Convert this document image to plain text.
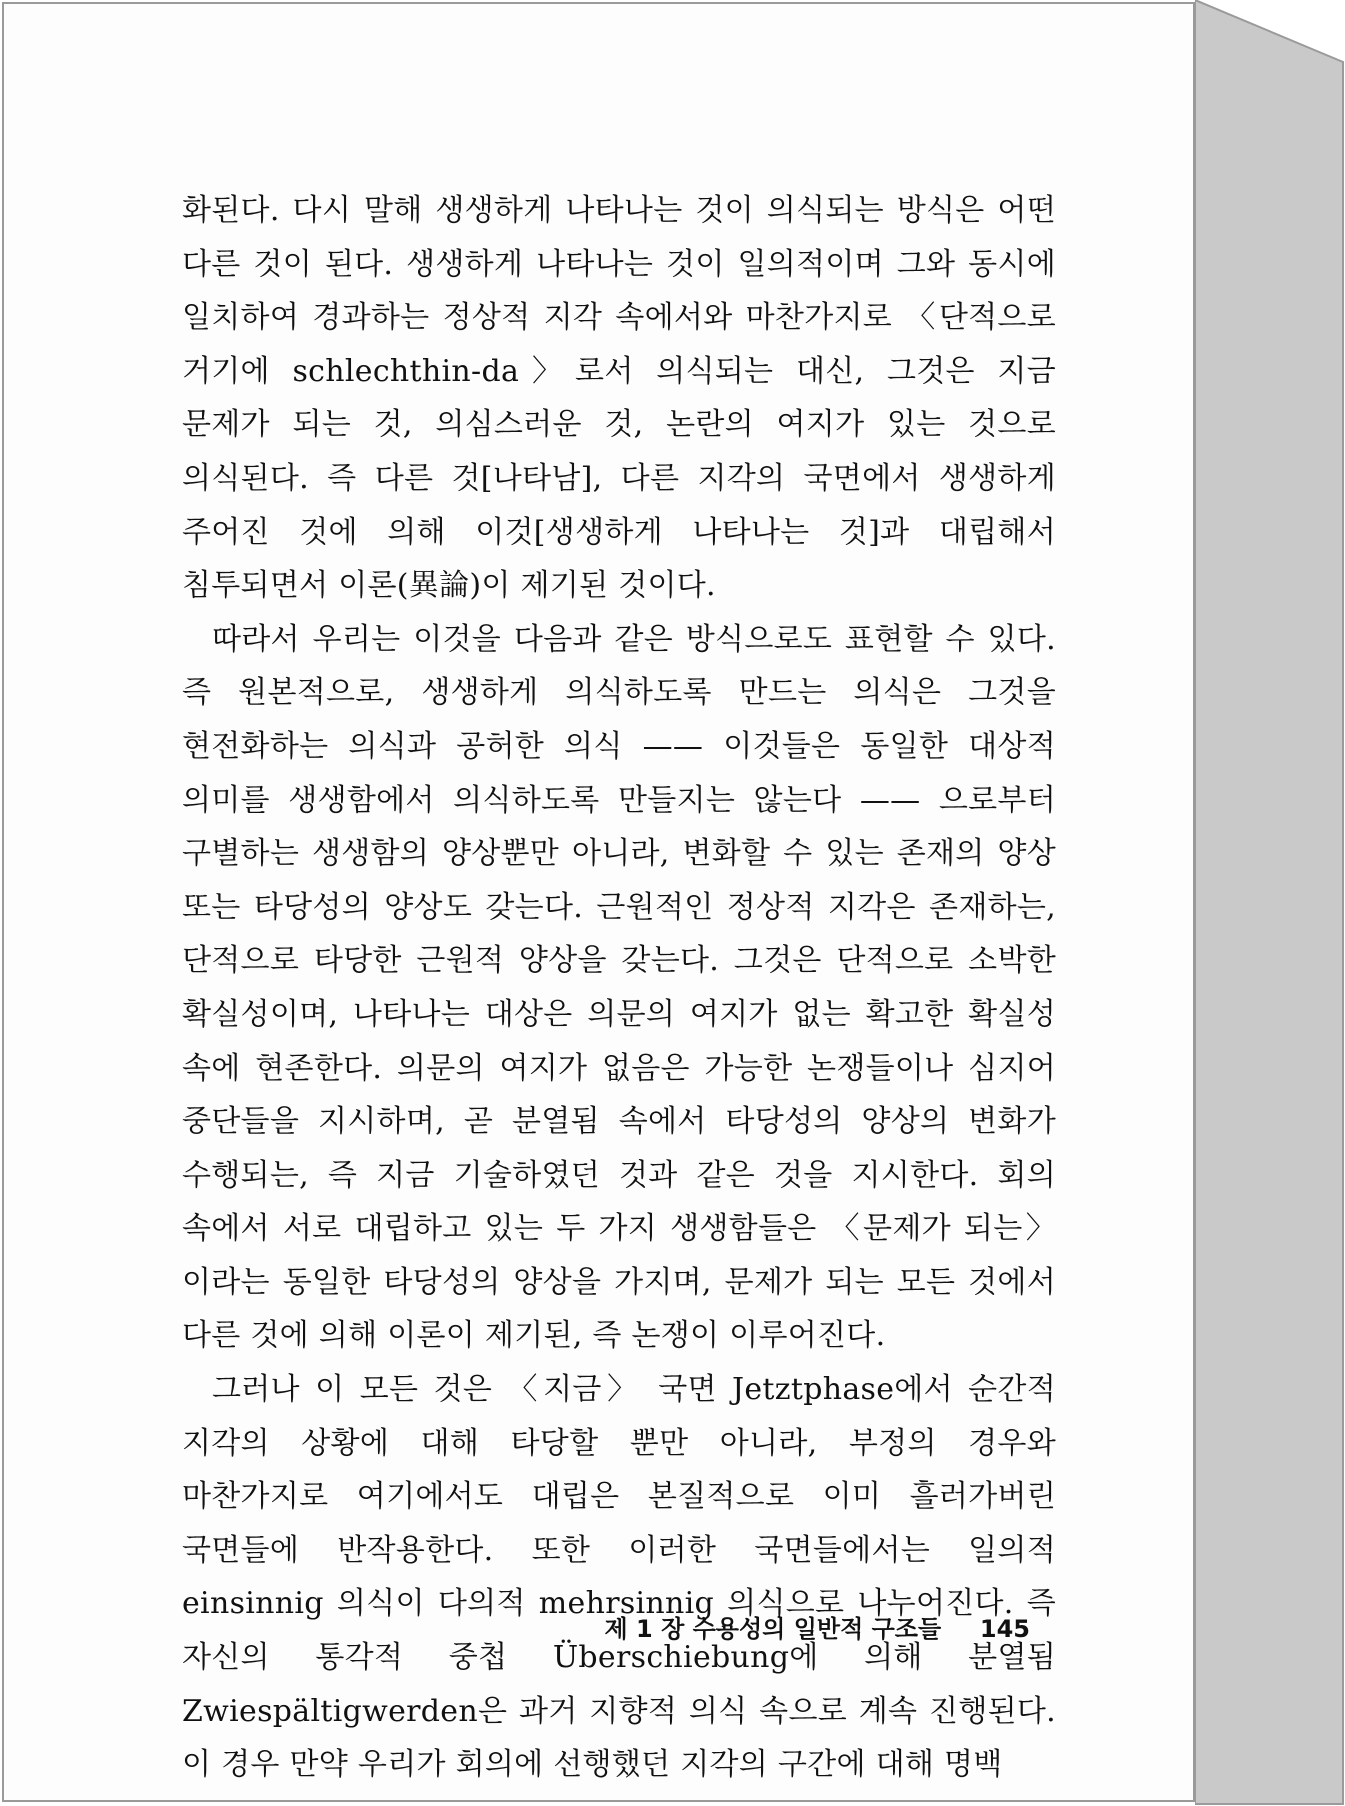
화된다. 다시 말해 생생하게 나타나는 것이 의식되는 방식은 어떤 다른 것이 된다. 생생하게 나타나는 것이 일의적이며 그와 동시에 일치하여 경과하는 정상적 지각 속에서와 마찬가지로 〈단적으로 거기에 schlechthin-da〉로서 의식되는 대신, 그것은 지금 문제가 되는 것, 의심스러운 것, 논란의 여지가 있는 것으로 의식된다. 즉 다른 것[나타남], 다른 지각의 국면에서 생생하게 주어진 것에 의해 이것[생생하게 나타나는 것]과 대립해서 침투되면서 이론(異論)이 제기된 것이다.

따라서 우리는 이것을 다음과 같은 방식으로도 표현할 수 있다. 즉 원본적으로, 생생하게 의식하도록 만드는 의식은 그것을 현전화하는 의식과 공허한 의식 —— 이것들은 동일한 대상적 의미를 생생함에서 의식하도록 만들지는 않는다 —— 으로부터 구별하는 생생함의 양상뿐만 아니라, 변화할 수 있는 존재의 양상 또는 타당성의 양상도 갖는다. 근원적인 정상적 지각은 존재하는, 단적으로 타당한 근원적 양상을 갖는다. 그것은 단적으로 소박한 확실성이며, 나타나는 대상은 의문의 여지가 없는 확고한 확실성 속에 현존한다. 의문의 여지가 없음은 가능한 논쟁들이나 심지어 중단들을 지시하며, 곧 분열됨 속에서 타당성의 양상의 변화가 수행되는, 즉 지금 기술하였던 것과 같은 것을 지시한다. 회의 속에서 서로 대립하고 있는 두 가지 생생함들은 〈문제가 되는〉이라는 동일한 타당성의 양상을 가지며, 문제가 되는 모든 것에서 다른 것에 의해 이론이 제기된, 즉 논쟁이 이루어진다.

그러나 이 모든 것은 〈지금〉 국면 Jetztphase에서 순간적 지각의 상황에 대해 타당할 뿐만 아니라, 부정의 경우와 마찬가지로 여기에서도 대립은 본질적으로 이미 흘러가버린 국면들에 반작용한다. 또한 이러한 국면들에서는 일의적 einsinnig 의식이 다의적 mehrsinnig 의식으로 나누어진다. 즉 자신의 통각적 중첩 Überschiebung에 의해 분열됨 Zwiespältigwerden은 과거 지향적 의식 속으로 계속 진행된다. 이 경우 만약 우리가 회의에 선행했던 지각의 구간에 대해 명백

제 1 장 수용성의 일반적 구조들 145
